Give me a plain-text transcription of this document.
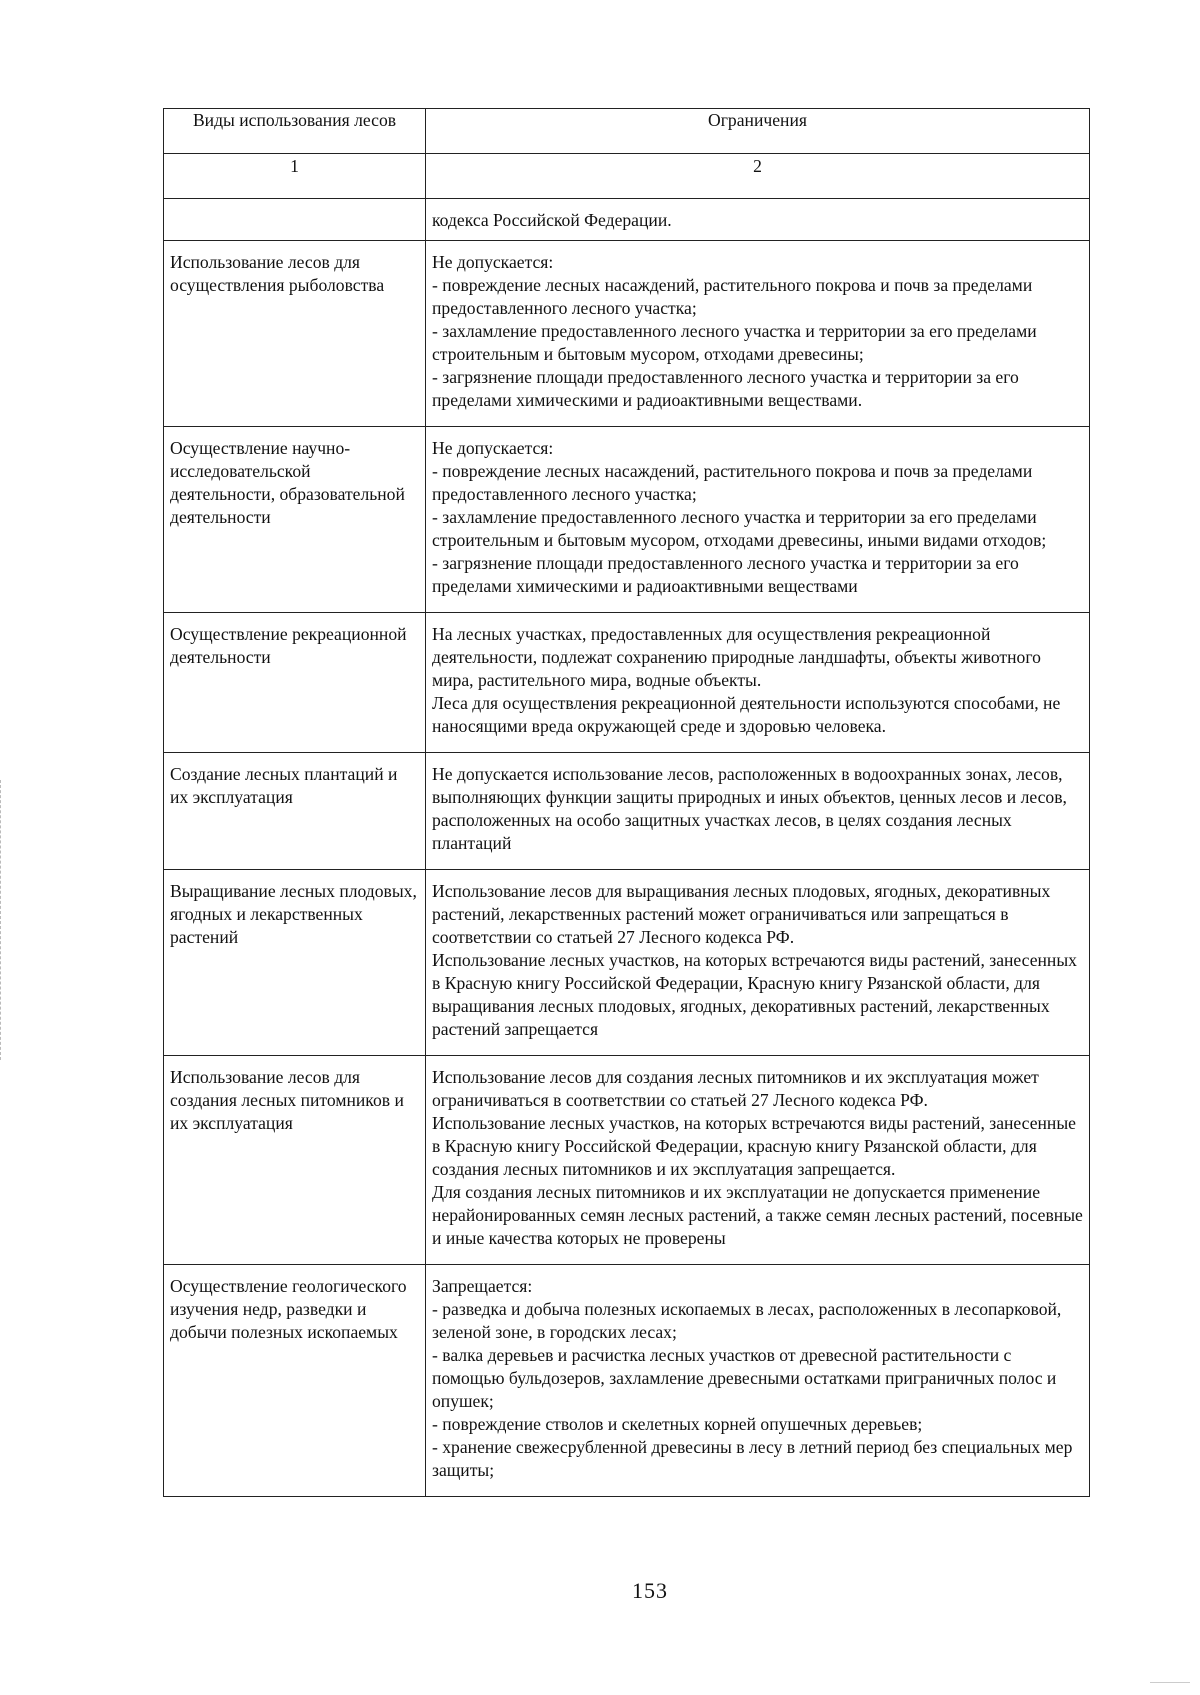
Виды использования лесов	Ограничения
1	2
	кодекса Российской Федерации.
Использование лесов для осуществления рыболовства	Не допускается:
- повреждение лесных насаждений, растительного покрова и почв за пределами предоставленного лесного участка;
- захламление предоставленного лесного участка и территории за его пределами строительным и бытовым мусором, отходами древесины;
- загрязнение площади предоставленного лесного участка и территории за его пределами химическими и радиоактивными веществами.

Осуществление научно-исследовательской деятельности, образовательной деятельности	Не допускается:
- повреждение лесных насаждений, растительного покрова и почв за пределами предоставленного лесного участка;
- захламление предоставленного лесного участка и территории за его пределами строительным и бытовым мусором, отходами древесины, иными видами отходов;
- загрязнение площади предоставленного лесного участка и территории за его пределами химическими и радиоактивными веществами

Осуществление рекреационной деятельности	На лесных участках, предоставленных для осуществления рекреационной деятельности, подлежат сохранению природные ландшафты, объекты животного мира, растительного мира, водные объекты.
Леса для осуществления рекреационной деятельности используются способами, не наносящими вреда окружающей среде и здоровью человека.

Создание лесных плантаций и их эксплуатация	Не допускается использование лесов, расположенных в водоохранных зонах, лесов, выполняющих функции защиты природных и иных объектов, ценных лесов и лесов, расположенных на особо защитных участках лесов, в целях создания лесных плантаций

Выращивание лесных плодовых, ягодных и лекарственных растений	Использование лесов для выращивания лесных плодовых, ягодных, декоративных растений, лекарственных растений может ограничиваться или запрещаться в соответствии со статьей 27 Лесного кодекса РФ.
Использование лесных участков, на которых встречаются виды растений, занесенных в Красную книгу Российской Федерации, Красную книгу Рязанской области, для выращивания лесных плодовых, ягодных, декоративных растений, лекарственных растений запрещается

Использование лесов для создания лесных питомников и их эксплуатация	Использование лесов для создания лесных питомников и их эксплуатация может ограничиваться в соответствии со статьей 27 Лесного кодекса РФ.
Использование лесных участков, на которых встречаются виды растений, занесенные в Красную книгу Российской Федерации, красную книгу Рязанской области, для создания лесных питомников и их эксплуатация запрещается.
Для создания лесных питомников и их эксплуатации не допускается применение нерайонированных семян лесных растений, а также семян лесных растений, посевные и иные качества которых не проверены

Осуществление геологического изучения недр, разведки и добычи полезных ископаемых	Запрещается:
- разведка и добыча полезных ископаемых в лесах, расположенных в лесопарковой, зеленой зоне, в городских лесах;
- валка деревьев и расчистка лесных участков от древесной растительности с помощью бульдозеров, захламление древесными остатками приграничных полос и опушек;
- повреждение стволов и скелетных корней опушечных деревьев;
- хранение свежесрубленной древесины в лесу в летний период без специальных мер защиты;
153
